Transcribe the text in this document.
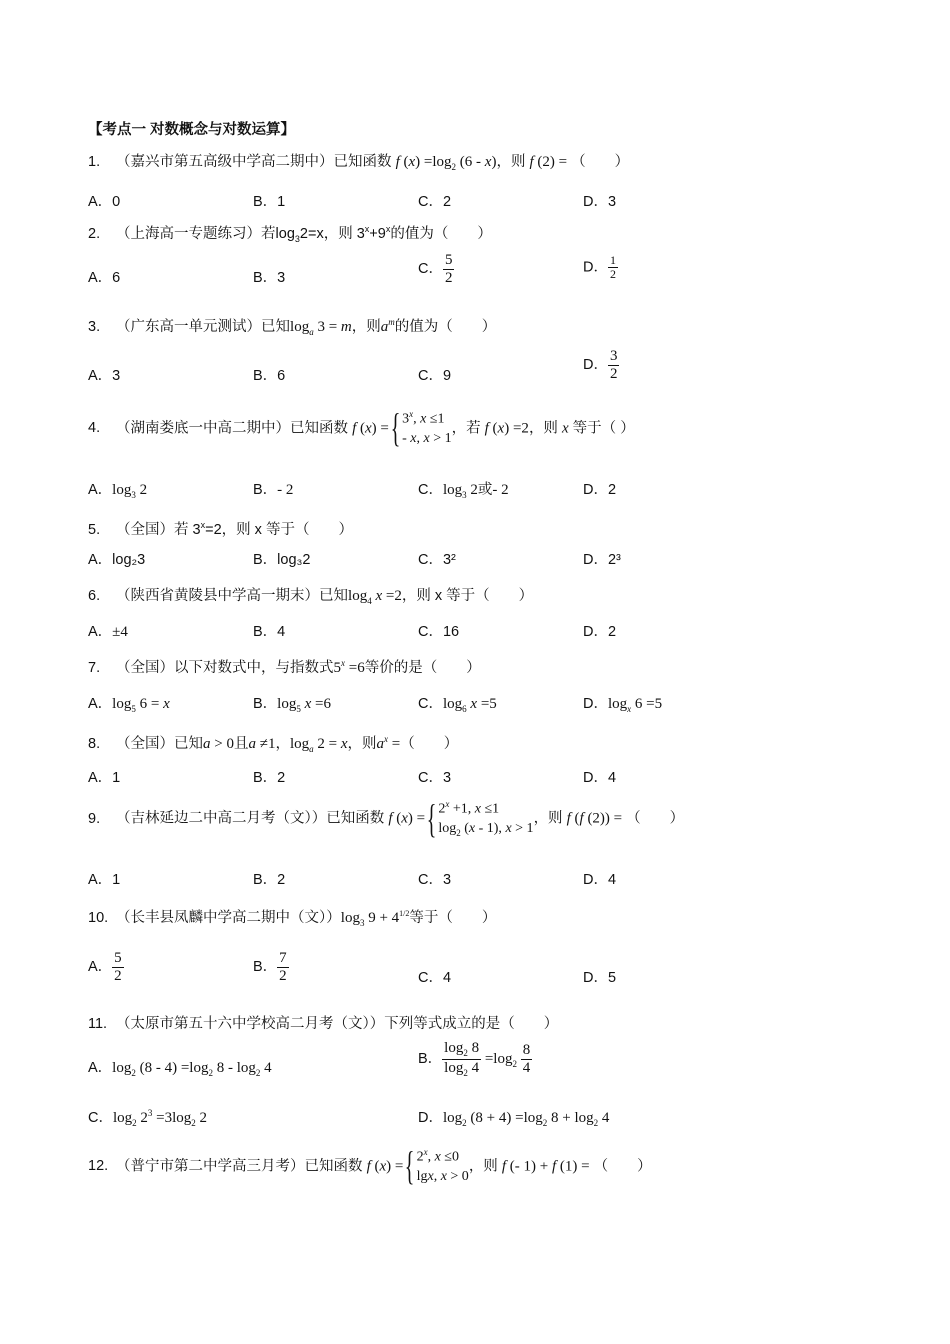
【考点一 对数概念与对数运算】
1. （嘉兴市第五高级中学高二期中）已知函数 f $(x) =\log_2$ (6 - x)，则 f (2) = （　　）
A．0	B．1	C．2	D．3
2. （上海高一专题练习）若$\log_32=x$，则 $3^x+9^x$的值为（　　）
A．6	B．3
C． $\frac{5}{2}$	D． $\frac{1}{2}$
3. （广东高一单元测试）已知$\log_a 3 = m$，则$a^m$的值为（　　）
A．3	B．6	C．9
D． $\frac{3}{2}$
4. （湖南娄底一中高二期中）已知函数 f (x) = { 3$^x$, x ≤1
- x, x > 1
，若 f (x) =2，则 x 等于（ ）
A．$\log_3 2$	B．- 2	C．$\log_3 2$或- 2	D．2
5. （全国）若 $3^x=2$，则 x 等于（　　）
A．log₂3	B．log₃2	C．3²	D．2³
6. （陕西省黄陵县中学高一期末）已知$\log_4 x =2$，则 x 等于（　　）
A．±4	B．4	C．16	D．2
7. （全国）以下对数式中，与指数式$5^x =6$等价的是（　　）
A．$\log_5 6 = x$	B．$\log_5 x =6$	C．$\log_6 x =5$	D．$\log_x 6 =5$
8. （全国）已知a > 0且a ≠1，$\log_a 2 = x$，则$a^x$ =（　　）
A．1	B．2	C．3	D．4
9. （吉林延边二中高二月考（文））已知函数 f (x) = { $2^x +1$, x ≤1
$\log_2 (x - 1)$, x > 1
，则 f (f (2)) = （　　）
A．1	B．2	C．3	D．4
10. （长丰县凤麟中学高二期中（文））$\log_3$ $9 + 4^{1/2}$等于（　　）
A． $\frac{5}{2}$	B． $\frac{7}{2}$	C．4	D．5
11. （太原市第五十六中学校高二月考（文））下列等式成立的是（　　）
A．$\log_2 (8 - 4) =\log_2$ $8 - \log_2 4$
B． $\frac{\log_2 8}{\log_2 4} =\log_2 \frac{8}{4}$
C．$\log_2 2^3 =3\log_2$ 2	D．$\log_2 (8 + 4) =\log_2$ $8 + \log_2 4$
12. （普宁市第二中学高三月考）已知函数 f (x) = { 2$^x$, x ≤0
lgx, x > 0
，则 f (- 1) + f (1) = （　　）
